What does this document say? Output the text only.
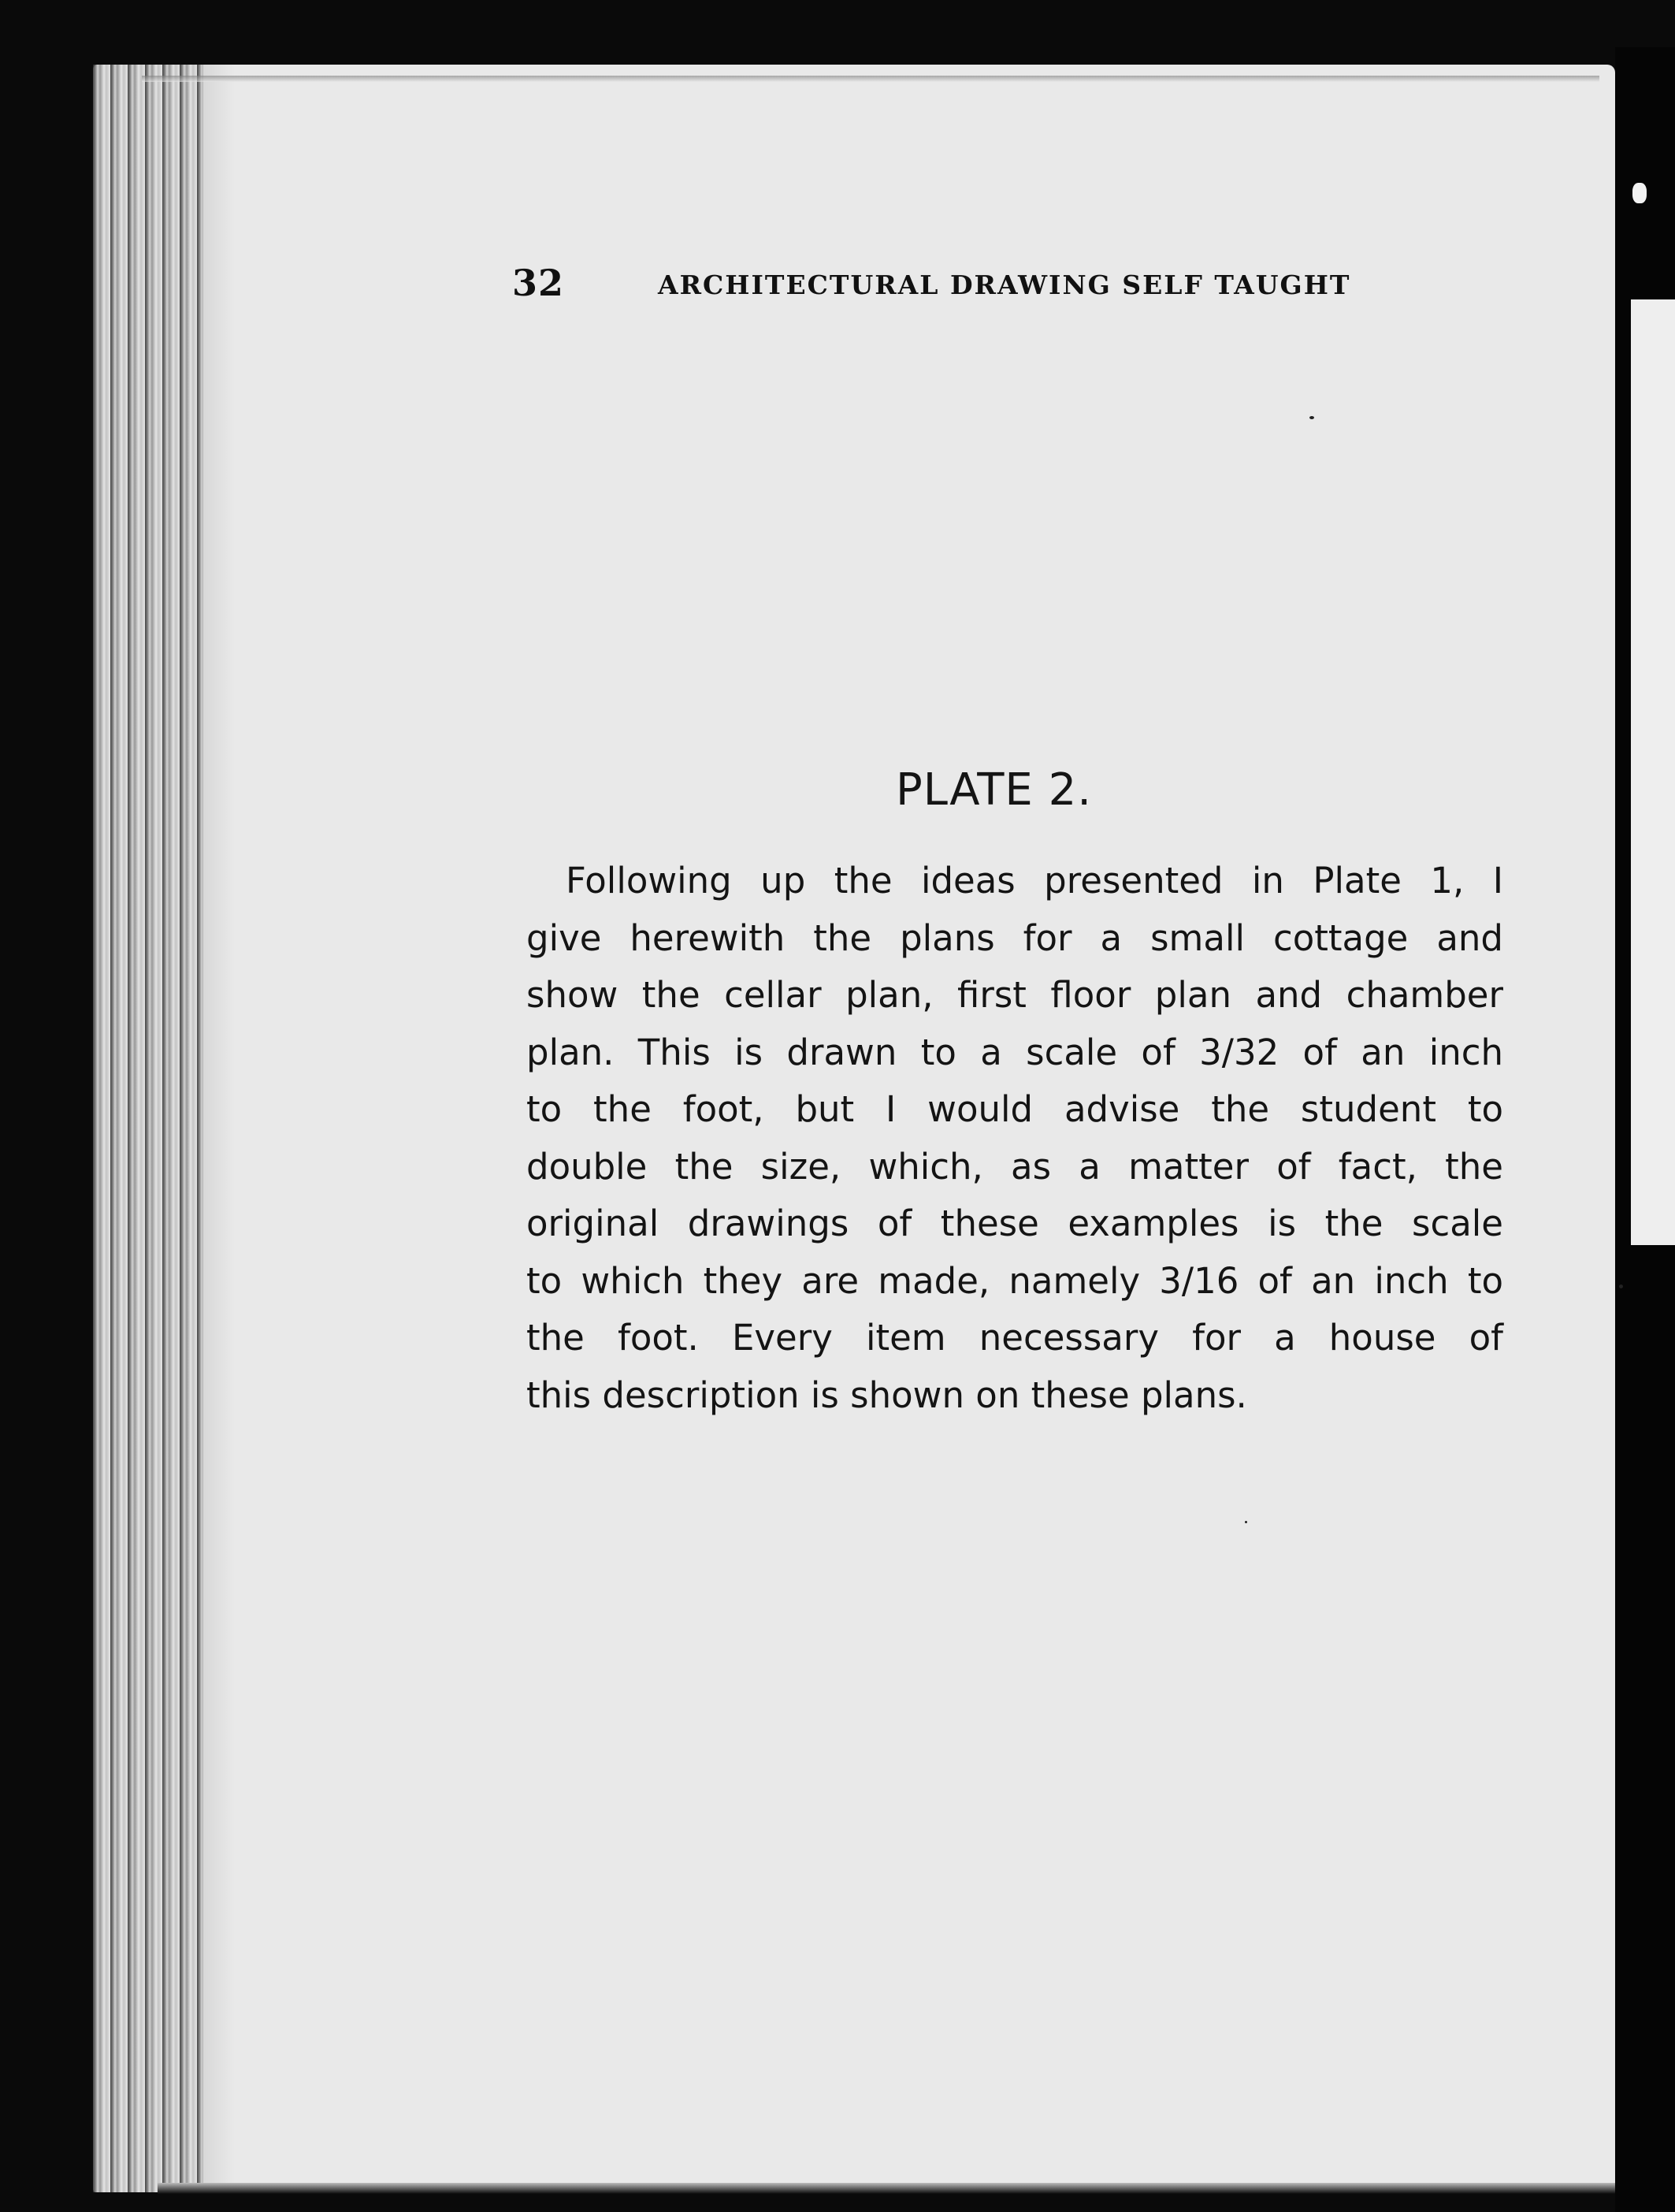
32	ARCHITECTURAL DRAWING SELF TAUGHT
PLATE 2.
Following up the ideas presented in Plate 1, I
give herewith the plans for a small cottage and
show the cellar plan, first floor plan and chamber
plan. This is drawn to a scale of 3/32 of an inch
to the foot, but I would advise the student to
double the size, which, as a matter of fact, the
original drawings of these examples is the scale
to which they are made, namely 3/16 of an inch to
the foot. Every item necessary for a house of
this description is shown on these plans.
